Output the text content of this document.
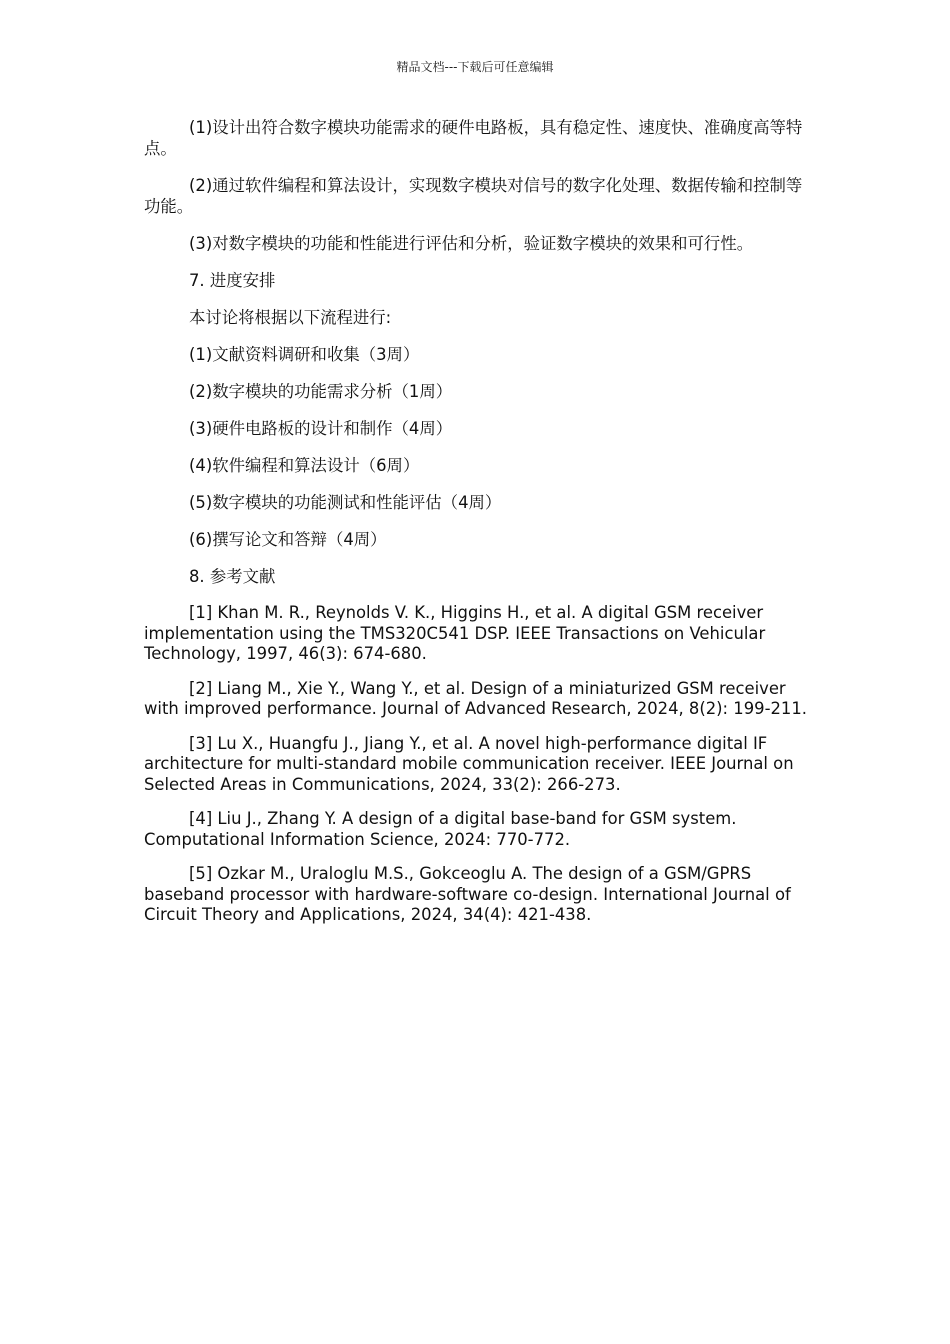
精品文档---下载后可任意编辑

(1)设计出符合数字模块功能需求的硬件电路板，具有稳定性、速度快、准确度高等特点。

(2)通过软件编程和算法设计，实现数字模块对信号的数字化处理、数据传输和控制等功能。

(3)对数字模块的功能和性能进行评估和分析，验证数字模块的效果和可行性。

7. 进度安排

本讨论将根据以下流程进行:

(1)文献资料调研和收集（3周）

(2)数字模块的功能需求分析（1周）

(3)硬件电路板的设计和制作（4周）

(4)软件编程和算法设计（6周）

(5)数字模块的功能测试和性能评估（4周）

(6)撰写论文和答辩（4周）

8. 参考文献

[1] Khan M. R., Reynolds V. K., Higgins H., et al. A digital GSM receiver implementation using the TMS320C541 DSP. IEEE Transactions on Vehicular Technology, 1997, 46(3): 674-680.

[2] Liang M., Xie Y., Wang Y., et al. Design of a miniaturized GSM receiver with improved performance. Journal of Advanced Research, 2024, 8(2): 199-211.

[3] Lu X., Huangfu J., Jiang Y., et al. A novel high-performance digital IF architecture for multi-standard mobile communication receiver. IEEE Journal on Selected Areas in Communications, 2024, 33(2): 266-273.

[4] Liu J., Zhang Y. A design of a digital base-band for GSM system. Computational Information Science, 2024: 770-772.

[5] Ozkar M., Uraloglu M.S., Gokceoglu A. The design of a GSM/GPRS baseband processor with hardware-software co-design. International Journal of Circuit Theory and Applications, 2024, 34(4): 421-438.
